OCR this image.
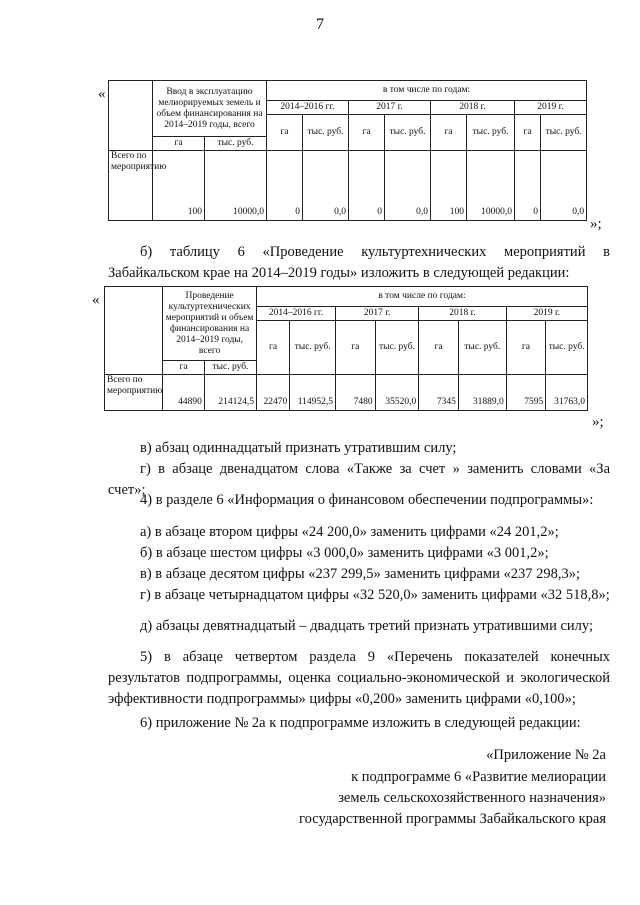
7
«
		Ввод в эксплуатацию мелиорируемых земель и объем финансирования на 2014–2019 годы, всего		в том числе по годам:							
			2014–2016 гг.		2017 г.		2018 г.		2019 г.	
			га	тыс. руб.	га	тыс. руб.	га	тыс. руб.	га	тыс. руб.
	га	тыс. руб.								
Всего по мероприятию	100	10000,0	0	0,0	0	0,0	100	10000,0	0	0,0
»;

б) таблицу 6 «Проведение культуртехнических мероприятий в Забайкальском крае на 2014–2019 годы» изложить в следующей редакции:

«
		Проведение культуртехнических мероприятий и объем финансирования на 2014–2019 годы, всего		в том числе по годам:							
			2014–2016 гг.		2017 г.		2018 г.		2019 г.	
			га	тыс. руб.	га	тыс. руб.	га	тыс. руб.	га	тыс. руб.
	га	тыс. руб.								
Всего по мероприятию	44890	214124,5	22470	114952,5	7480	35520,0	7345	31889,0	7595	31763,0
»;

в) абзац одиннадцатый признать утратившим силу;

г) в абзаце двенадцатом слова «Также за счет » заменить словами «За счет»;

4) в разделе 6 «Информация о финансовом обеспечении подпрограммы»:

а) в абзаце втором цифры «24 200,0» заменить цифрами «24 201,2»;

б) в абзаце шестом цифры «3 000,0» заменить цифрами «3 001,2»;

в) в абзаце десятом цифры «237 299,5» заменить цифрами «237 298,3»;

г) в абзаце четырнадцатом цифры «32 520,0» заменить цифрами «32 518,8»;

д) абзацы девятнадцатый – двадцать третий признать утратившими силу;

5) в абзаце четвертом раздела 9 «Перечень показателей конечных результатов подпрограммы, оценка социально-экономической и экологической эффективности подпрограммы» цифры «0,200» заменить цифрами «0,100»;

6) приложение № 2а к подпрограмме изложить в следующей редакции:

«Приложение № 2а
к подпрограмме 6 «Развитие мелиорации
земель сельскохозяйственного назначения»
государственной программы Забайкальского края
